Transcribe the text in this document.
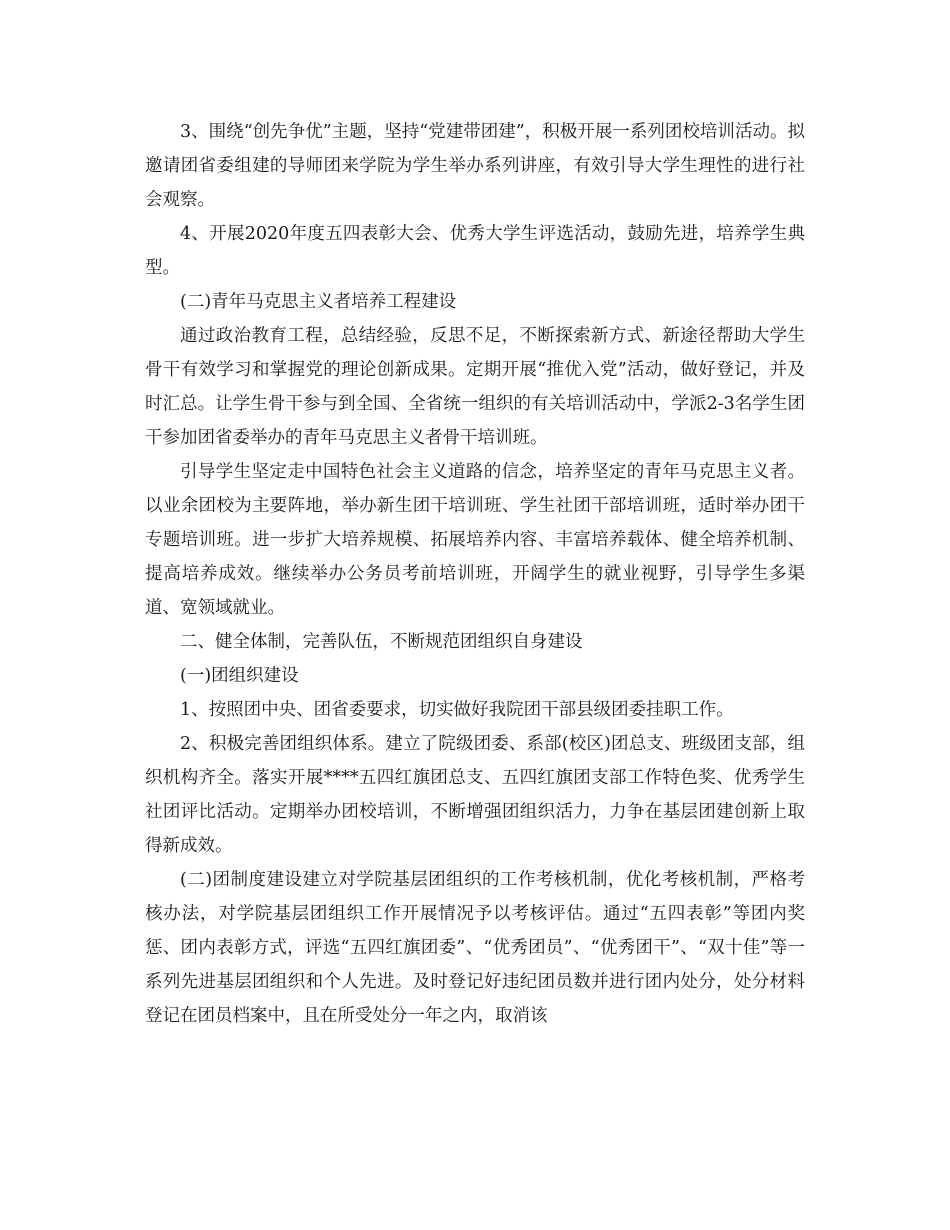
3、围绕“创先争优”主题，坚持“党建带团建”，积极开展一系列团校培训活动。拟邀请团省委组建的导师团来学院为学生举办系列讲座，有效引导大学生理性的进行社会观察。

4、开展2020年度五四表彰大会、优秀大学生评选活动，鼓励先进，培养学生典型。

(二)青年马克思主义者培养工程建设

通过政治教育工程，总结经验，反思不足，不断探索新方式、新途径帮助大学生骨干有效学习和掌握党的理论创新成果。定期开展“推优入党”活动，做好登记，并及时汇总。让学生骨干参与到全国、全省统一组织的有关培训活动中，学派2-3名学生团干参加团省委举办的青年马克思主义者骨干培训班。

引导学生坚定走中国特色社会主义道路的信念，培养坚定的青年马克思主义者。以业余团校为主要阵地，举办新生团干培训班、学生社团干部培训班，适时举办团干专题培训班。进一步扩大培养规模、拓展培养内容、丰富培养载体、健全培养机制、提高培养成效。继续举办公务员考前培训班，开阔学生的就业视野，引导学生多渠道、宽领域就业。

二、健全体制，完善队伍，不断规范团组织自身建设

(一)团组织建设

1、按照团中央、团省委要求，切实做好我院团干部县级团委挂职工作。

2、积极完善团组织体系。建立了院级团委、系部(校区)团总支、班级团支部，组织机构齐全。落实开展****五四红旗团总支、五四红旗团支部工作特色奖、优秀学生社团评比活动。定期举办团校培训，不断增强团组织活力，力争在基层团建创新上取得新成效。

(二)团制度建设建立对学院基层团组织的工作考核机制，优化考核机制，严格考核办法，对学院基层团组织工作开展情况予以考核评估。通过“五四表彰”等团内奖惩、团内表彰方式，评选“五四红旗团委”、“优秀团员”、“优秀团干”、“双十佳”等一系列先进基层团组织和个人先进。及时登记好违纪团员数并进行团内处分，处分材料登记在团员档案中，且在所受处分一年之内，取消该
